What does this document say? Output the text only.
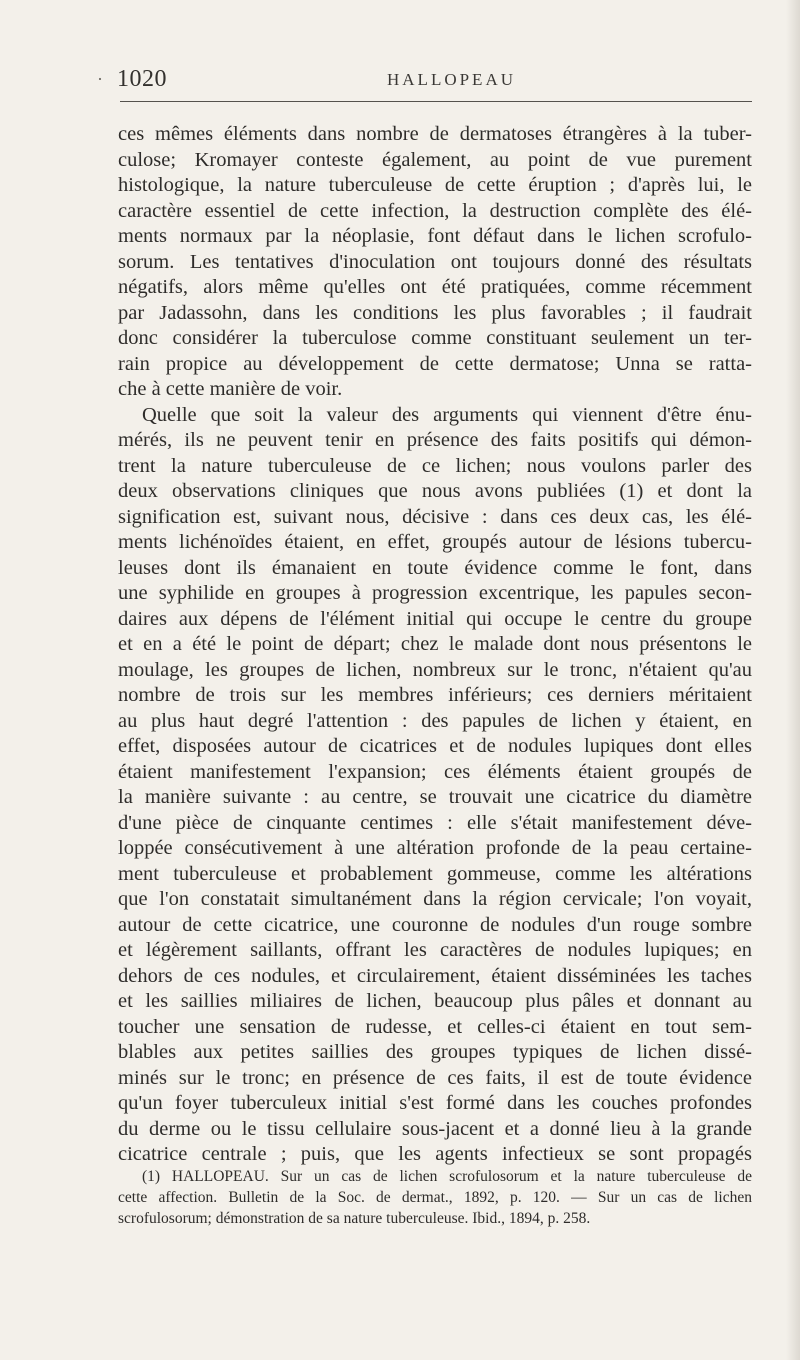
· 1020	HALLOPEAU
ces mêmes éléments dans nombre de dermatoses étrangères à la tuber-
culose; Kromayer conteste également, au point de vue purement
histologique, la nature tuberculeuse de cette éruption ; d'après lui, le
caractère essentiel de cette infection, la destruction complète des élé-
ments normaux par la néoplasie, font défaut dans le lichen scrofulo-
sorum. Les tentatives d'inoculation ont toujours donné des résultats
négatifs, alors même qu'elles ont été pratiquées, comme récemment
par Jadassohn, dans les conditions les plus favorables ; il faudrait
donc considérer la tuberculose comme constituant seulement un ter-
rain propice au développement de cette dermatose; Unna se ratta-
che à cette manière de voir.
Quelle que soit la valeur des arguments qui viennent d'être énu-
mérés, ils ne peuvent tenir en présence des faits positifs qui démon-
trent la nature tuberculeuse de ce lichen; nous voulons parler des
deux observations cliniques que nous avons publiées (1) et dont la
signification est, suivant nous, décisive : dans ces deux cas, les élé-
ments lichénoïdes étaient, en effet, groupés autour de lésions tubercu-
leuses dont ils émanaient en toute évidence comme le font, dans
une syphilide en groupes à progression excentrique, les papules secon-
daires aux dépens de l'élément initial qui occupe le centre du groupe
et en a été le point de départ; chez le malade dont nous présentons le
moulage, les groupes de lichen, nombreux sur le tronc, n'étaient qu'au
nombre de trois sur les membres inférieurs; ces derniers méritaient
au plus haut degré l'attention : des papules de lichen y étaient, en
effet, disposées autour de cicatrices et de nodules lupiques dont elles
étaient manifestement l'expansion; ces éléments étaient groupés de
la manière suivante : au centre, se trouvait une cicatrice du diamètre
d'une pièce de cinquante centimes : elle s'était manifestement déve-
loppée consécutivement à une altération profonde de la peau certaine-
ment tuberculeuse et probablement gommeuse, comme les altérations
que l'on constatait simultanément dans la région cervicale; l'on voyait,
autour de cette cicatrice, une couronne de nodules d'un rouge sombre
et légèrement saillants, offrant les caractères de nodules lupiques; en
dehors de ces nodules, et circulairement, étaient disséminées les taches
et les saillies miliaires de lichen, beaucoup plus pâles et donnant au
toucher une sensation de rudesse, et celles-ci étaient en tout sem-
blables aux petites saillies des groupes typiques de lichen dissé-
minés sur le tronc; en présence de ces faits, il est de toute évidence
qu'un foyer tuberculeux initial s'est formé dans les couches profondes
du derme ou le tissu cellulaire sous-jacent et a donné lieu à la grande
cicatrice centrale ; puis, que les agents infectieux se sont propagés
(1) HALLOPEAU. Sur un cas de lichen scrofulosorum et la nature tuberculeuse de
cette affection. Bulletin de la Soc. de dermat., 1892, p. 120. — Sur un cas de lichen
scrofulosorum; démonstration de sa nature tuberculeuse. Ibid., 1894, p. 258.
